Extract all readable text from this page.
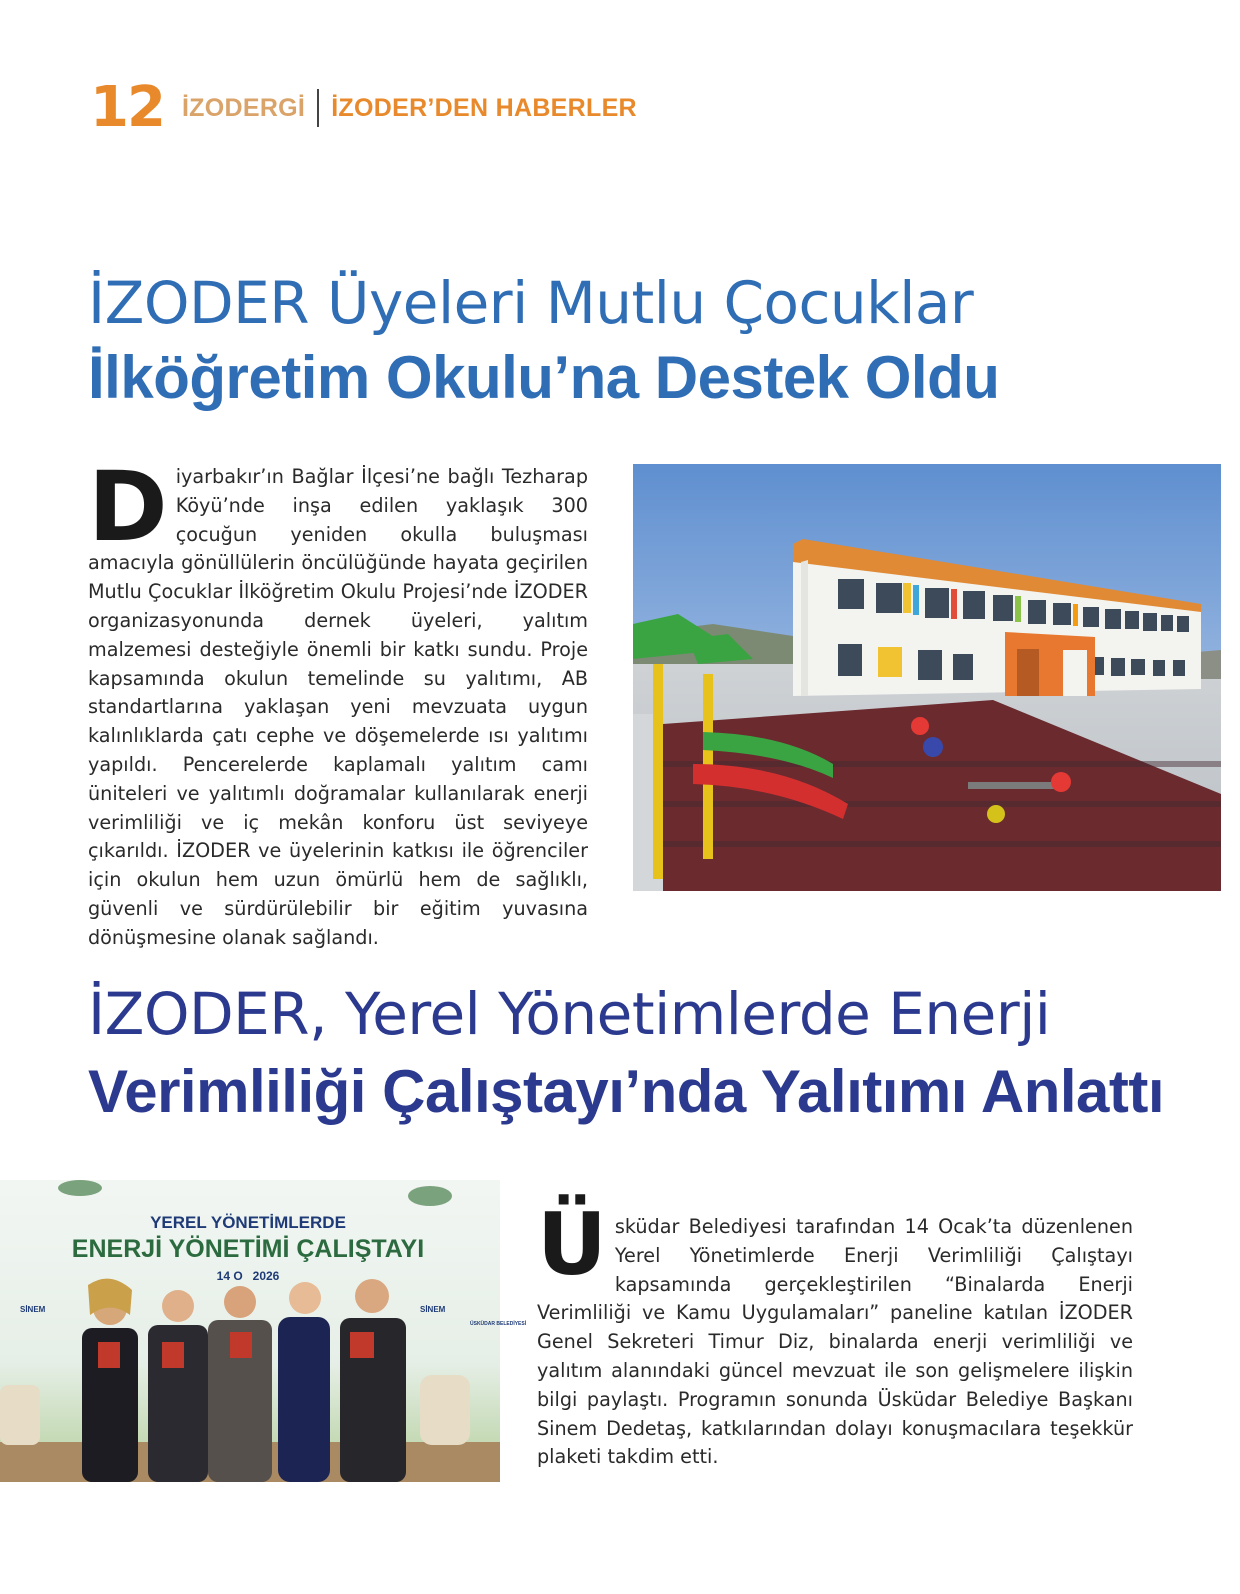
12 İZODERGİ İZODER’DEN HABERLER
İZODER Üyeleri Mutlu Çocuklar
İlköğretim Okulu’na Destek Oldu

Diyarbakır’ın Bağlar İlçesi’ne bağlı Tezharap Köyü’nde inşa edilen yaklaşık 300 çocuğun yeniden okulla buluşması amacıyla gönüllülerin öncülüğünde hayata geçirilen Mutlu Çocuklar İlköğretim Okulu Projesi’nde İZODER organizasyonunda dernek üyeleri, yalıtım malzemesi desteğiyle önemli bir katkı sundu. Proje kapsamında okulun temelinde su yalıtımı, AB standartlarına yaklaşan yeni mevzuata uygun kalınlıklarda çatı cephe ve döşemelerde ısı yalıtımı yapıldı. Pencerelerde kaplamalı yalıtım camı üniteleri ve yalıtımlı doğramalar kullanılarak enerji verimliliği ve iç mekân konforu üst seviyeye çıkarıldı. İZODER ve üyelerinin katkısı ile öğrenciler için okulun hem uzun ömürlü hem de sağlıklı, güvenli ve sürdürülebilir bir eğitim yuvasına dönüşmesine olanak sağlandı.

İZODER, Yerel Yönetimlerde Enerji
Verimliliği Çalıştayı’nda Yalıtımı Anlattı
YEREL YÖNETİMLERDE
ENERJİ YÖNETİMİ ÇALIŞTAYI
14 O   2026
SİNEM	SİNEM
ÜSKÜDAR BELEDİYESİ

Üsküdar Belediyesi tarafından 14 Ocak’ta düzenlenen Yerel Yönetimlerde Enerji Verimliliği Çalıştayı kapsamında gerçekleştirilen “Binalarda Enerji Verimliliği ve Kamu Uygulamaları” paneline katılan İZODER Genel Sekreteri Timur Diz, binalarda enerji verimliliği ve yalıtım alanındaki güncel mevzuat ile son gelişmelere ilişkin bilgi paylaştı. Programın sonunda Üsküdar Belediye Başkanı Sinem Dedetaş, katkılarından dolayı konuşmacılara teşekkür plaketi takdim etti.
